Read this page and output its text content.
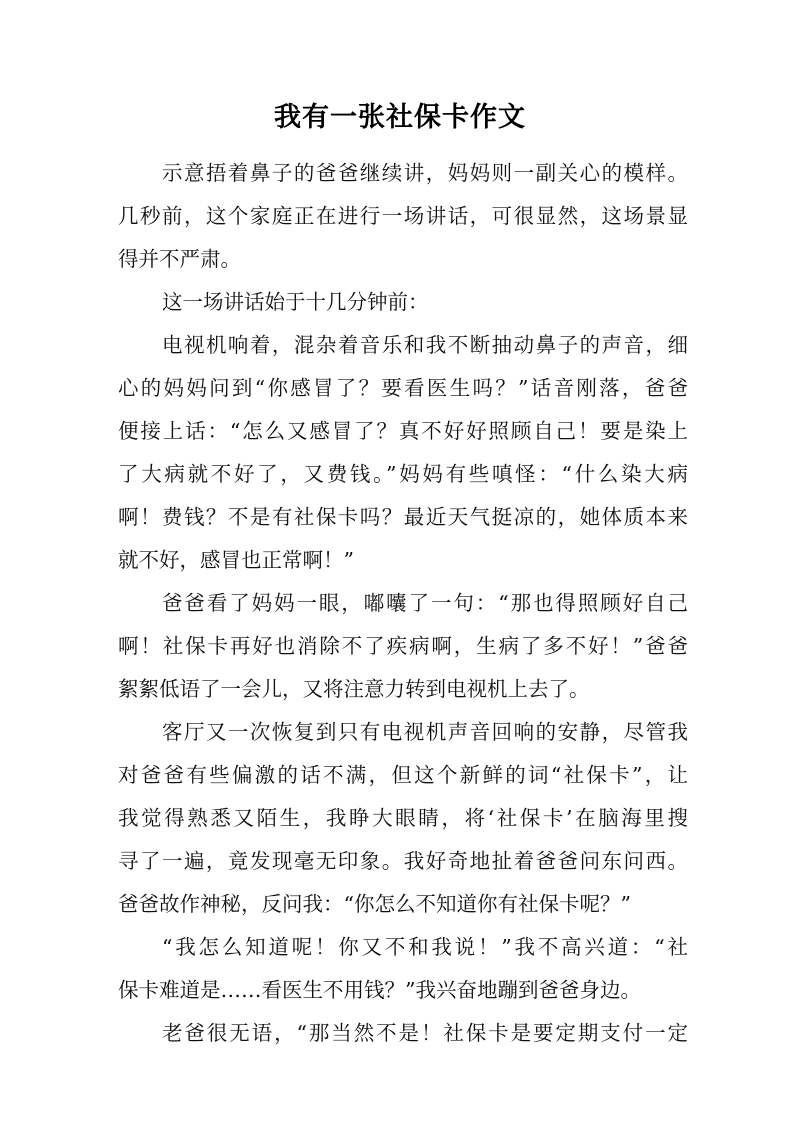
我有一张社保卡作文
示意捂着鼻子的爸爸继续讲，妈妈则一副关心的模样。
几秒前，这个家庭正在进行一场讲话，可很显然，这场景显
得并不严肃。
这一场讲话始于十几分钟前：
电视机响着，混杂着音乐和我不断抽动鼻子的声音，细
心的妈妈问到“你感冒了？要看医生吗？”话音刚落，爸爸
便接上话：“怎么又感冒了？真不好好照顾自己！要是染上
了大病就不好了，又费钱。”妈妈有些嗔怪：“什么染大病
啊！费钱？不是有社保卡吗？最近天气挺凉的，她体质本来
就不好，感冒也正常啊！”
爸爸看了妈妈一眼，嘟囔了一句：“那也得照顾好自己
啊！社保卡再好也消除不了疾病啊，生病了多不好！”爸爸
絮絮低语了一会儿，又将注意力转到电视机上去了。
客厅又一次恢复到只有电视机声音回响的安静，尽管我
对爸爸有些偏激的话不满，但这个新鲜的词“社保卡”，让
我觉得熟悉又陌生，我睁大眼睛，将‘社保卡’在脑海里搜
寻了一遍，竟发现毫无印象。我好奇地扯着爸爸问东问西。
爸爸故作神秘，反问我：“你怎么不知道你有社保卡呢？”
“我怎么知道呢！你又不和我说！”我不高兴道：“社
保卡难道是……看医生不用钱？”我兴奋地蹦到爸爸身边。
老爸很无语，“那当然不是！社保卡是要定期支付一定
